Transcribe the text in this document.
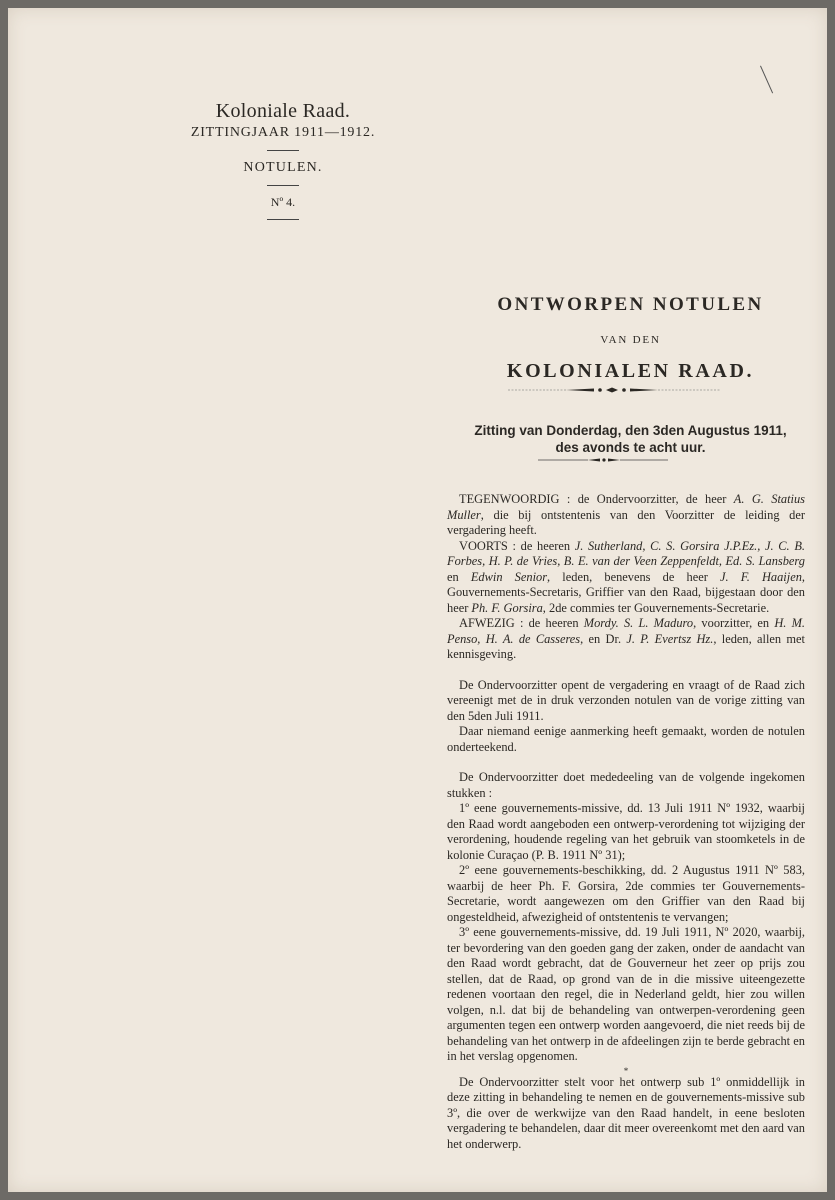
Koloniale Raad.
ZITTINGJAAR 1911—1912.
NOTULEN.
Nº 4.
ONTWORPEN NOTULEN
VAN DEN
KOLONIALEN RAAD.
Zitting van Donderdag, den 3den Augustus 1911,
des avonds te acht uur.

TEGENWOORDIG : de Ondervoorzitter, de heer A. G. Statius Muller, die bij ontstentenis van den Voorzitter de leiding der vergadering heeft.

VOORTS : de heeren J. Sutherland, C. S. Gorsira J.P.Ez., J. C. B. Forbes, H. P. de Vries, B. E. van der Veen Zeppenfeldt, Ed. S. Lansberg en Edwin Senior, leden, benevens de heer J. F. Haaijen, Gouvernements-Secretaris, Griffier van den Raad, bijgestaan door den heer Ph. F. Gorsira, 2de commies ter Gouvernements-Secretarie.

AFWEZIG : de heeren Mordy. S. L. Maduro, voorzitter, en H. M. Penso, H. A. de Casseres, en Dr. J. P. Evertsz Hz., leden, allen met kennisgeving.

De Ondervoorzitter opent de vergadering en vraagt of de Raad zich vereenigt met de in druk verzonden notulen van de vorige zitting van den 5den Juli 1911.

Daar niemand eenige aanmerking heeft gemaakt, worden de notulen onderteekend.

De Ondervoorzitter doet mededeeling van de volgende ingekomen stukken :

1º eene gouvernements-missive, dd. 13 Juli 1911 Nº 1932, waarbij den Raad wordt aangeboden een ontwerp-verordening tot wijziging der verordening, houdende regeling van het gebruik van stoomketels in de kolonie Curaçao (P. B. 1911 Nº 31);

2º eene gouvernements-beschikking, dd. 2 Augustus 1911 Nº 583, waarbij de heer Ph. F. Gorsira, 2de commies ter Gouvernements-Secretarie, wordt aangewezen om den Griffier van den Raad bij ongesteldheid, afwezigheid of ontstentenis te vervangen;

3º eene gouvernements-missive, dd. 19 Juli 1911, Nº 2020, waarbij, ter bevordering van den goeden gang der zaken, onder de aandacht van den Raad wordt gebracht, dat de Gouverneur het zeer op prijs zou stellen, dat de Raad, op grond van de in die missive uiteengezette redenen voortaan den regel, die in Nederland geldt, hier zou willen volgen, n.l. dat bij de behandeling van ontwerpen-verordening geen argumenten tegen een ontwerp worden aangevoerd, die niet reeds bij de behandeling van het ontwerp in de afdeelingen zijn te berde gebracht en in het verslag opgenomen.

*

De Ondervoorzitter stelt voor het ontwerp sub 1º onmiddellijk in deze zitting in behandeling te nemen en de gouvernements-missive sub 3º, die over de werkwijze van den Raad handelt, in eene besloten vergadering te behandelen, daar dit meer overeenkomt met den aard van het onderwerp.
